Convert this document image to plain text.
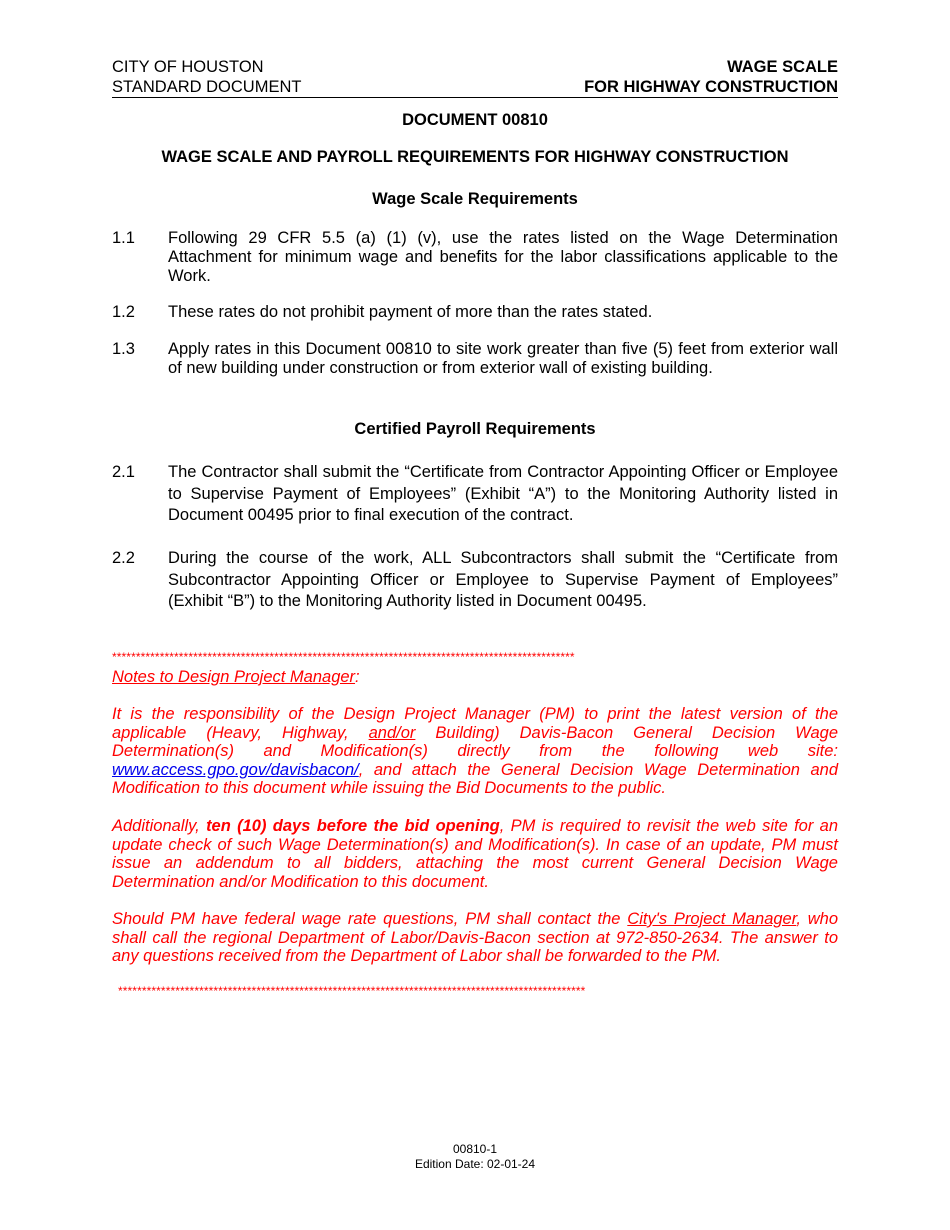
CITY OF HOUSTON
STANDARD DOCUMENT
WAGE SCALE
FOR HIGHWAY CONSTRUCTION
DOCUMENT 00810
WAGE SCALE AND PAYROLL REQUIREMENTS FOR HIGHWAY CONSTRUCTION
Wage Scale Requirements
1.1 Following 29 CFR 5.5 (a) (1) (v), use the rates listed on the Wage Determination Attachment for minimum wage and benefits for the labor classifications applicable to the Work.
1.2 These rates do not prohibit payment of more than the rates stated.
1.3 Apply rates in this Document 00810 to site work greater than five (5) feet from exterior wall of new building under construction or from exterior wall of existing building.
Certified Payroll Requirements
2.1 The Contractor shall submit the “Certificate from Contractor Appointing Officer or Employee to Supervise Payment of Employees” (Exhibit “A”) to the Monitoring Authority listed in Document 00495 prior to final execution of the contract.
2.2 During the course of the work, ALL Subcontractors shall submit the “Certificate from Subcontractor Appointing Officer or Employee to Supervise Payment of Employees” (Exhibit “B”) to the Monitoring Authority listed in Document 00495.
*************************************************************************************************
Notes to Design Project Manager:
It is the responsibility of the Design Project Manager (PM) to print the latest version of the applicable (Heavy, Highway, and/or Building) Davis-Bacon General Decision Wage Determination(s) and Modification(s) directly from the following web site: www.access.gpo.gov/davisbacon/, and attach the General Decision Wage Determination and Modification to this document while issuing the Bid Documents to the public.
Additionally, ten (10) days before the bid opening, PM is required to revisit the web site for an update check of such Wage Determination(s) and Modification(s). In case of an update, PM must issue an addendum to all bidders, attaching the most current General Decision Wage Determination and/or Modification to this document.
Should PM have federal wage rate questions, PM shall contact the City's Project Manager, who shall call the regional Department of Labor/Davis-Bacon section at 972-850-2634. The answer to any questions received from the Department of Labor shall be forwarded to the PM.
**************************************************************************************************
00810-1
Edition Date: 02-01-24
